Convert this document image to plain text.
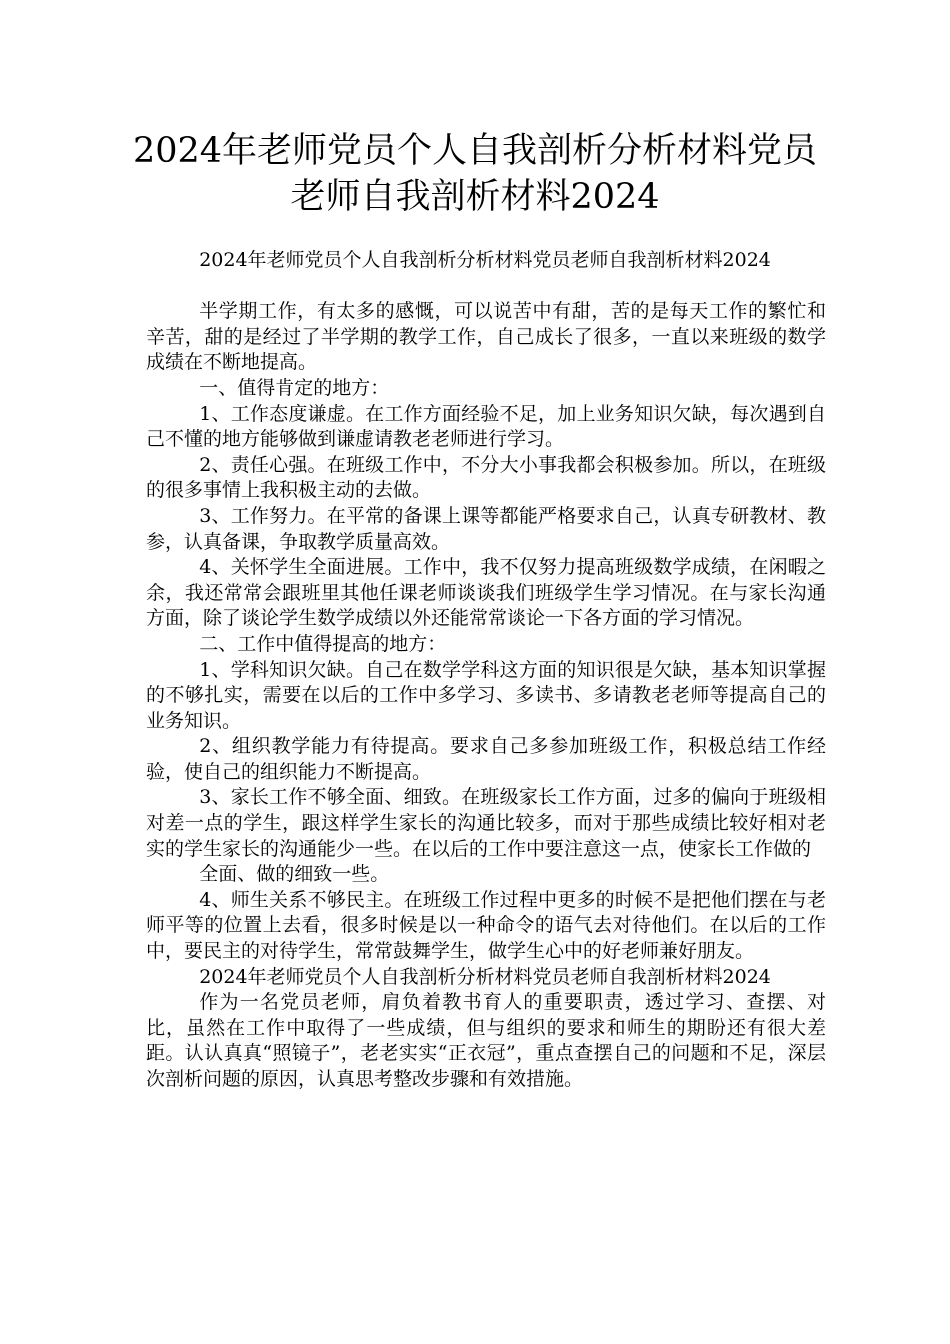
2024年老师党员个人自我剖析分析材料党员老师自我剖析材料2024

2024年老师党员个人自我剖析分析材料党员老师自我剖析材料2024

半学期工作，有太多的感慨，可以说苦中有甜，苦的是每天工作的繁忙和辛苦，甜的是经过了半学期的教学工作，自己成长了很多，一直以来班级的数学成绩在不断地提高。

一、值得肯定的地方：

1、工作态度谦虚。在工作方面经验不足，加上业务知识欠缺，每次遇到自己不懂的地方能够做到谦虚请教老老师进行学习。

2、责任心强。在班级工作中，不分大小事我都会积极参加。所以，在班级的很多事情上我积极主动的去做。

3、工作努力。在平常的备课上课等都能严格要求自己，认真专研教材、教参，认真备课，争取教学质量高效。

4、关怀学生全面进展。工作中，我不仅努力提高班级数学成绩，在闲暇之余，我还常常会跟班里其他任课老师谈谈我们班级学生学习情况。在与家长沟通方面，除了谈论学生数学成绩以外还能常常谈论一下各方面的学习情况。

二、工作中值得提高的地方：

1、学科知识欠缺。自己在数学学科这方面的知识很是欠缺，基本知识掌握的不够扎实，需要在以后的工作中多学习、多读书、多请教老老师等提高自己的业务知识。

2、组织教学能力有待提高。要求自己多参加班级工作，积极总结工作经验，使自己的组织能力不断提高。

3、家长工作不够全面、细致。在班级家长工作方面，过多的偏向于班级相对差一点的学生，跟这样学生家长的沟通比较多，而对于那些成绩比较好相对老实的学生家长的沟通能少一些。在以后的工作中要注意这一点，使家长工作做的

全面、做的细致一些。

4、师生关系不够民主。在班级工作过程中更多的时候不是把他们摆在与老师平等的位置上去看，很多时候是以一种命令的语气去对待他们。在以后的工作中，要民主的对待学生，常常鼓舞学生，做学生心中的好老师兼好朋友。

2024年老师党员个人自我剖析分析材料党员老师自我剖析材料2024

作为一名党员老师，肩负着教书育人的重要职责，透过学习、查摆、对比，虽然在工作中取得了一些成绩，但与组织的要求和师生的期盼还有很大差距。认认真真“照镜子”，老老实实“正衣冠”，重点查摆自己的问题和不足，深层次剖析问题的原因，认真思考整改步骤和有效措施。
